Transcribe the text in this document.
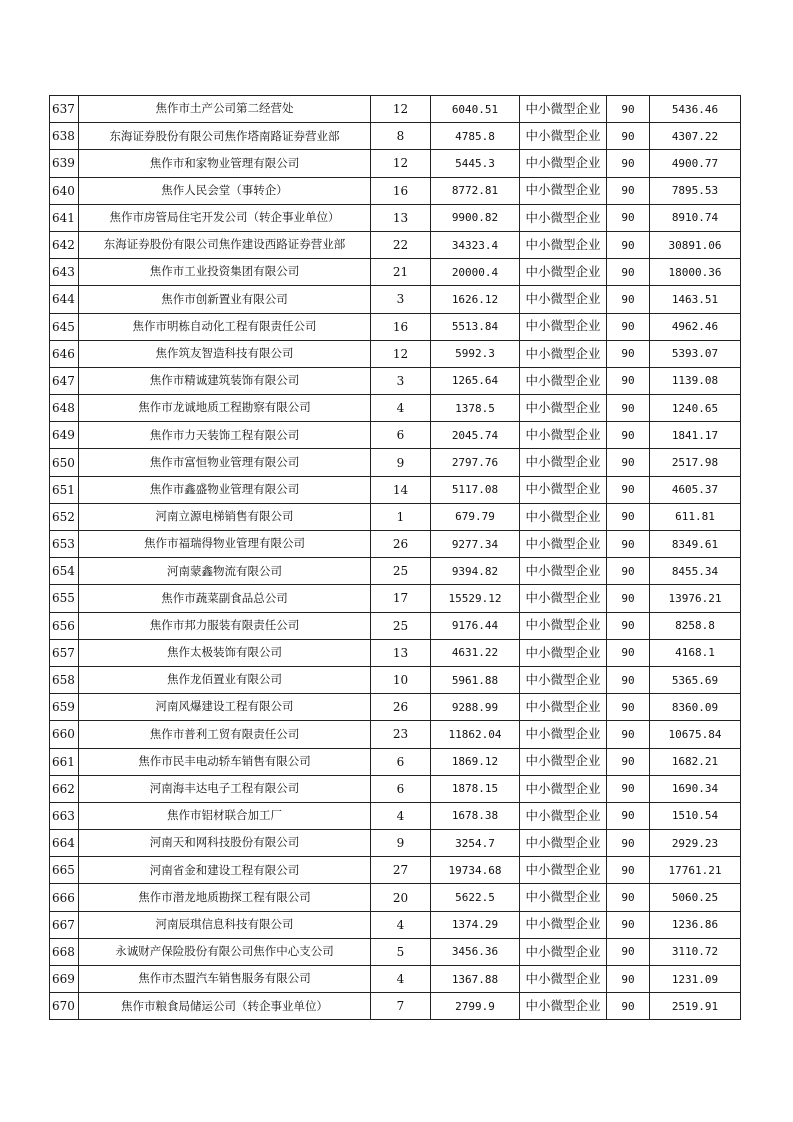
637	焦作市土产公司第二经营处	12	6040.51	中小微型企业	90	5436.46
638	东海证券股份有限公司焦作塔南路证券营业部	8	4785.8	中小微型企业	90	4307.22
639	焦作市和家物业管理有限公司	12	5445.3	中小微型企业	90	4900.77
640	焦作人民会堂（事转企）	16	8772.81	中小微型企业	90	7895.53
641	焦作市房管局住宅开发公司（转企事业单位）	13	9900.82	中小微型企业	90	8910.74
642	东海证券股份有限公司焦作建设西路证券营业部	22	34323.4	中小微型企业	90	30891.06
643	焦作市工业投资集团有限公司	21	20000.4	中小微型企业	90	18000.36
644	焦作市创新置业有限公司	3	1626.12	中小微型企业	90	1463.51
645	焦作市明栋自动化工程有限责任公司	16	5513.84	中小微型企业	90	4962.46
646	焦作筑友智造科技有限公司	12	5992.3	中小微型企业	90	5393.07
647	焦作市精诚建筑装饰有限公司	3	1265.64	中小微型企业	90	1139.08
648	焦作市龙诚地质工程勘察有限公司	4	1378.5	中小微型企业	90	1240.65
649	焦作市力天装饰工程有限公司	6	2045.74	中小微型企业	90	1841.17
650	焦作市富恒物业管理有限公司	9	2797.76	中小微型企业	90	2517.98
651	焦作市鑫盛物业管理有限公司	14	5117.08	中小微型企业	90	4605.37
652	河南立源电梯销售有限公司	1	679.79	中小微型企业	90	611.81
653	焦作市福瑞得物业管理有限公司	26	9277.34	中小微型企业	90	8349.61
654	河南蒙鑫物流有限公司	25	9394.82	中小微型企业	90	8455.34
655	焦作市蔬菜副食品总公司	17	15529.12	中小微型企业	90	13976.21
656	焦作市邦力服装有限责任公司	25	9176.44	中小微型企业	90	8258.8
657	焦作太极装饰有限公司	13	4631.22	中小微型企业	90	4168.1
658	焦作龙佰置业有限公司	10	5961.88	中小微型企业	90	5365.69
659	河南风爆建设工程有限公司	26	9288.99	中小微型企业	90	8360.09
660	焦作市普利工贸有限责任公司	23	11862.04	中小微型企业	90	10675.84
661	焦作市民丰电动轿车销售有限公司	6	1869.12	中小微型企业	90	1682.21
662	河南海丰达电子工程有限公司	6	1878.15	中小微型企业	90	1690.34
663	焦作市铝材联合加工厂	4	1678.38	中小微型企业	90	1510.54
664	河南天和网科技股份有限公司	9	3254.7	中小微型企业	90	2929.23
665	河南省金和建设工程有限公司	27	19734.68	中小微型企业	90	17761.21
666	焦作市潜龙地质勘探工程有限公司	20	5622.5	中小微型企业	90	5060.25
667	河南辰琪信息科技有限公司	4	1374.29	中小微型企业	90	1236.86
668	永诚财产保险股份有限公司焦作中心支公司	5	3456.36	中小微型企业	90	3110.72
669	焦作市杰盟汽车销售服务有限公司	4	1367.88	中小微型企业	90	1231.09
670	焦作市粮食局储运公司（转企事业单位）	7	2799.9	中小微型企业	90	2519.91
